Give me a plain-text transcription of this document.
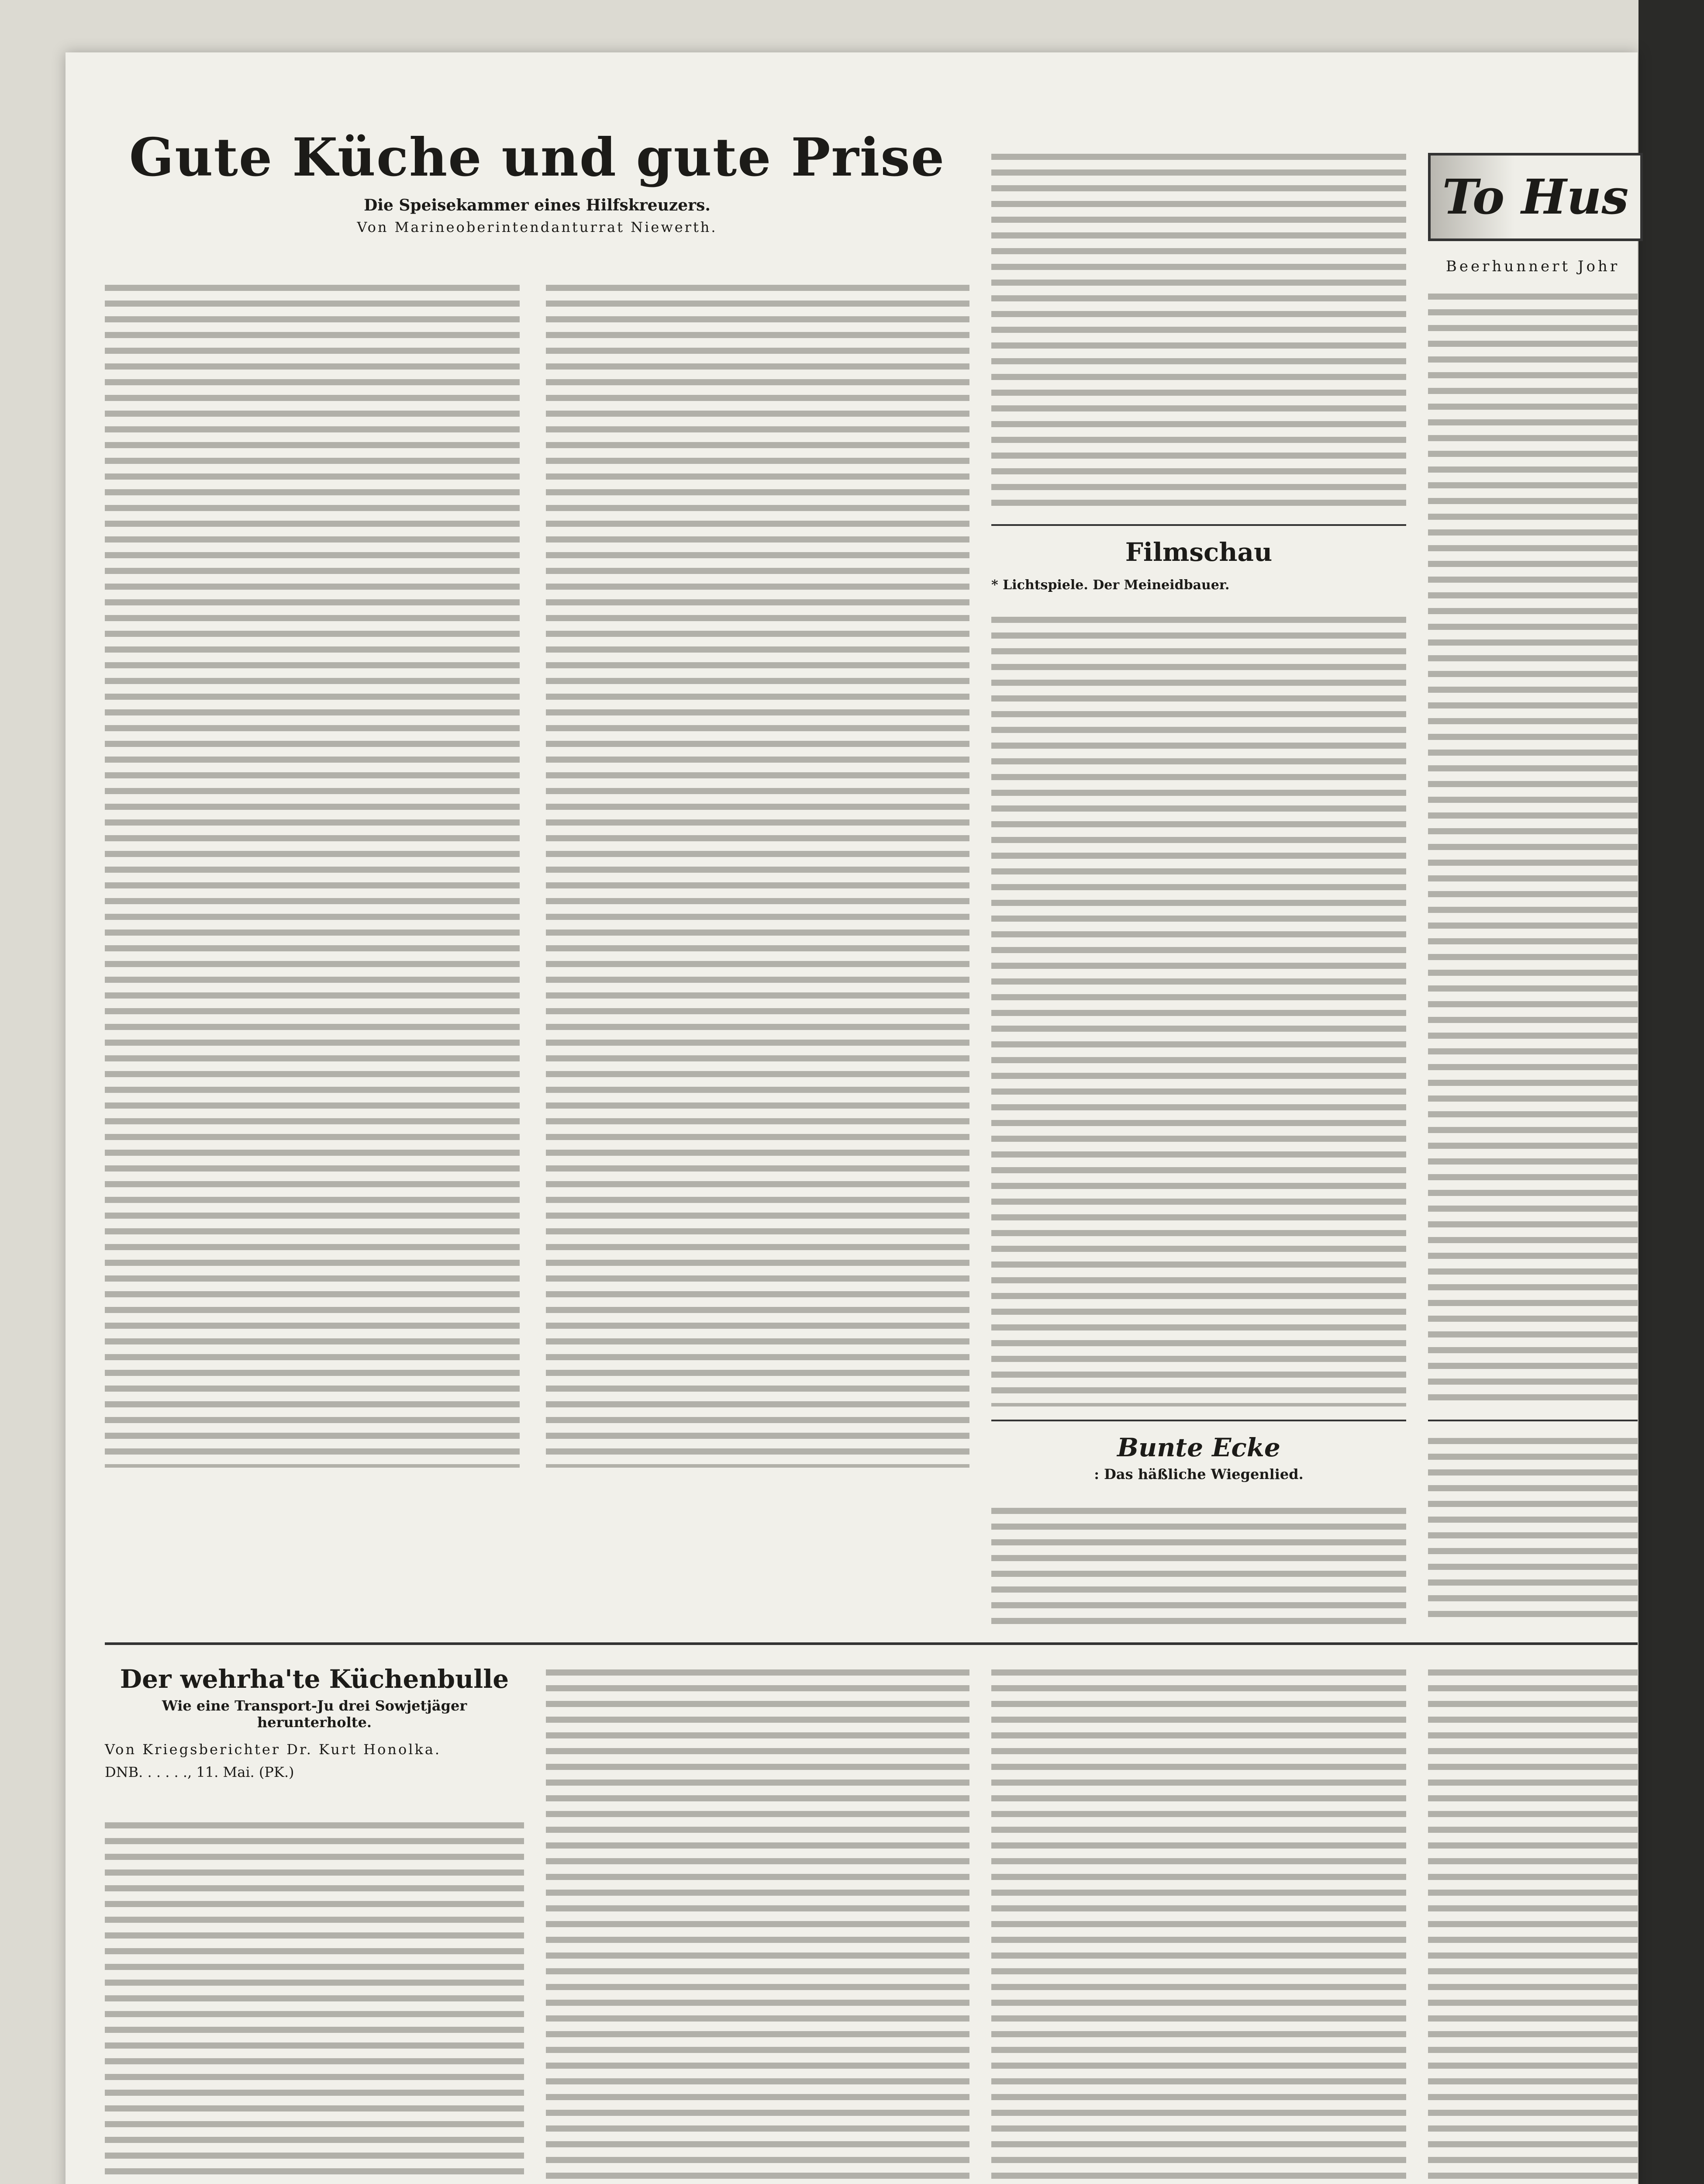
Gute Küche und gute Prise
Die Speisekammer eines Hilfskreuzers.
Von Marineoberintendanturrat Niewerth.
Filmschau
* Lichtspiele. Der Meineidbauer.
Bunte Ecke
: Das häßliche Wiegenlied.
To Hus
Beerhunnert Johr
Der wehrha'te Küchenbulle
Wie eine Transport-Ju drei Sowjetjäger herunterholte.
Von Kriegsberichter Dr. Kurt Honolka.
DNB. . . . . ., 11. Mai. (PK.)
